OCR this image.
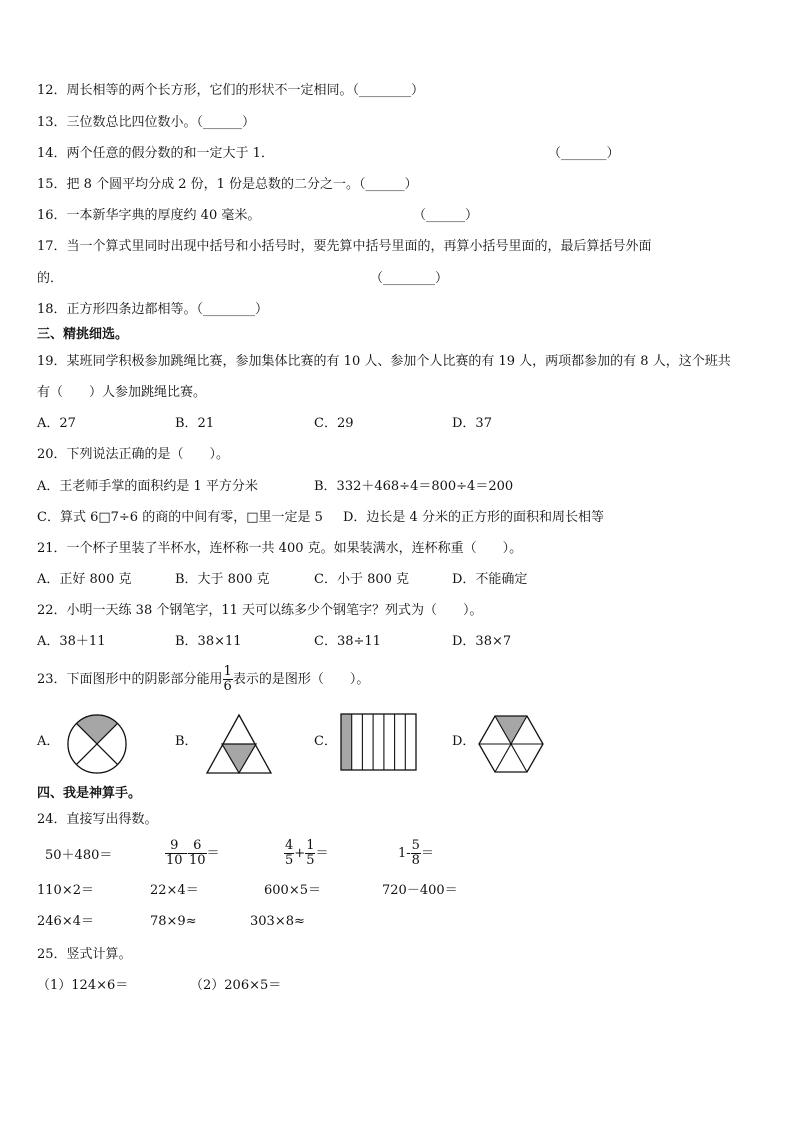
12．周长相等的两个长方形，它们的形状不一定相同。（________）
13．三位数总比四位数小。（______）
14．两个任意的假分数的和一定大于 1．	（_______）
15．把 8 个圆平均分成 2 份，1 份是总数的二分之一。（______）
16．一本新华字典的厚度约 40 毫米。	（______）
17．当一个算式里同时出现中括号和小括号时，要先算中括号里面的，再算小括号里面的，最后算括号外面
的．	（________）
18．正方形四条边都相等。（________）
三、精挑细选。
19．某班同学积极参加跳绳比赛，参加集体比赛的有 10 人、参加个人比赛的有 19 人，两项都参加的有 8 人，这个班共
有（　　）人参加跳绳比赛。
A．27	B．21	C．29	D．37
20．下列说法正确的是（　　）。
A．王老师手掌的面积约是 1 平方分米	B．332＋468÷4＝800÷4＝200
C．算式 6□7÷6 的商的中间有零，□里一定是 5 D．边长是 4 分米的正方形的面积和周长相等
21．一个杯子里装了半杯水，连杯称一共 400 克。如果装满水，连杯称重（　　）。
A．正好 800 克	B．大于 800 克	C．小于 800 克	D．不能确定
22．小明一天练 38 个钢笔字，11 天可以练多少个钢笔字？列式为（　　）。
A．38＋11	B．38×11	C．38÷11	D．38×7
23．下面图形中的阴影部分能用 $\frac{1}{6}$ 表示的是图形（　　）。
A．	B．	C．	D．
四、我是神算手。
24．直接写出得数。
50＋480＝	$\frac{9}{10} - \frac{6}{10}$ ＝	$\frac{4}{5} + \frac{1}{5}$ ＝	$1- \frac{5}{8}$ ＝
110×2＝	22×4＝	600×5＝	720－400＝
246×4＝	78×9≈	303×8≈
25．竖式计算。
（1）124×6＝	（2）206×5＝
